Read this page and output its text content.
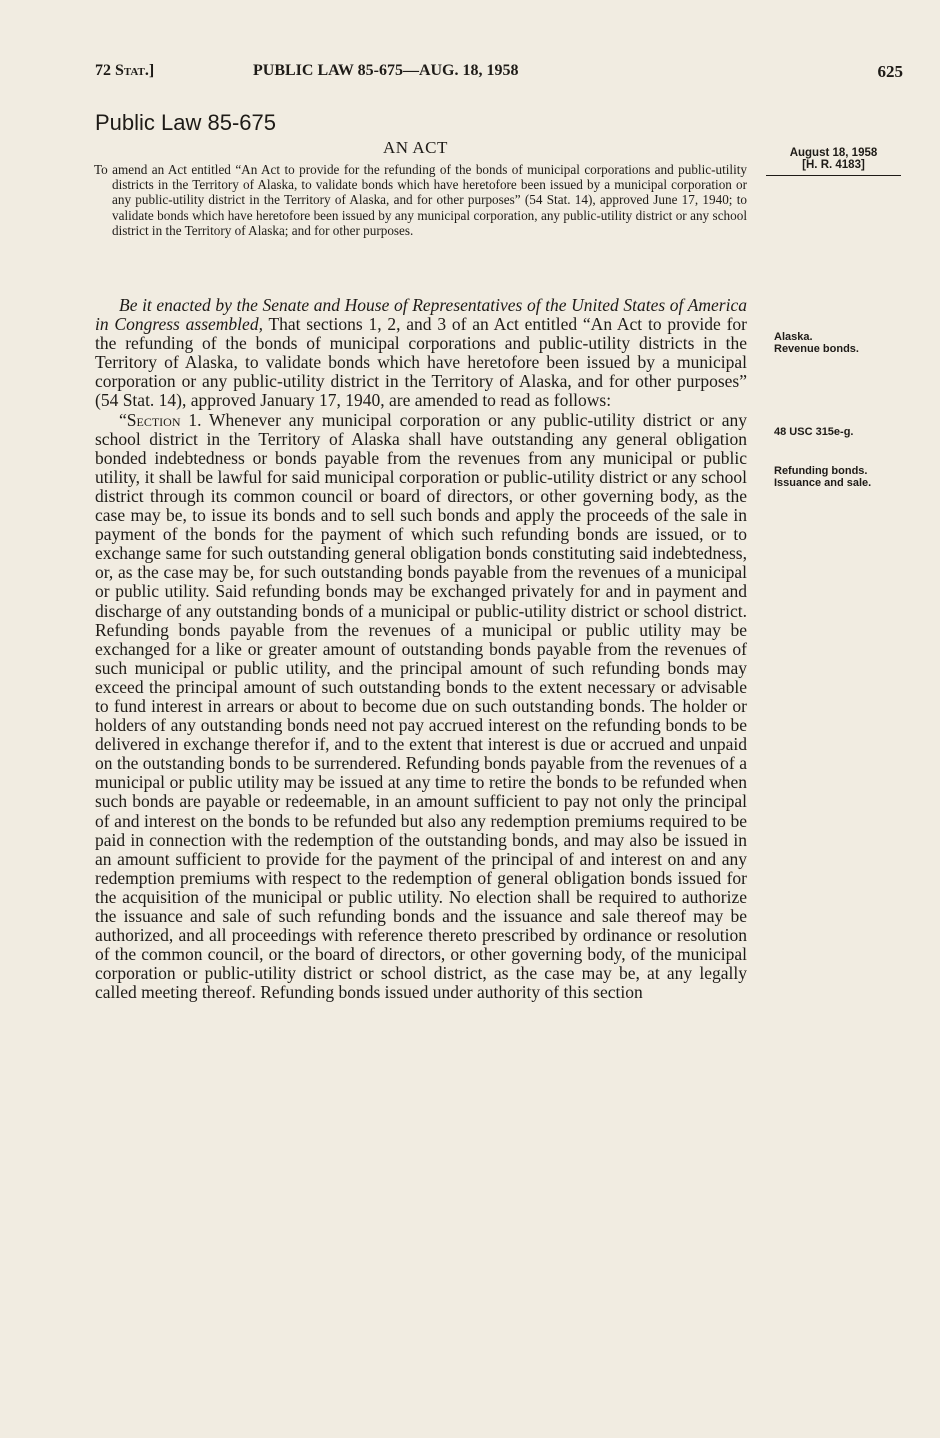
72 Stat.]	PUBLIC LAW 85-675—AUG. 18, 1958	625
Public Law 85-675
AN ACT

To amend an Act entitled “An Act to provide for the refunding of the bonds of municipal corporations and public-utility districts in the Territory of Alaska, to validate bonds which have heretofore been issued by a municipal corporation or any public-utility district in the Territory of Alaska, and for other purposes” (54 Stat. 14), approved June 17, 1940; to validate bonds which have heretofore been issued by any municipal corporation, any public-utility district or any school district in the Territory of Alaska; and for other purposes.

August 18, 1958
[H. R. 4183]
Alaska.
Revenue bonds.
48 USC 315e-g.
Refunding bonds.
Issuance and sale.

Be it enacted by the Senate and House of Representatives of the United States of America in Congress assembled, That sections 1, 2, and 3 of an Act entitled “An Act to provide for the refunding of the bonds of municipal corporations and public-utility districts in the Territory of Alaska, to validate bonds which have heretofore been issued by a municipal corporation or any public-utility district in the Territory of Alaska, and for other purposes” (54 Stat. 14), approved January 17, 1940, are amended to read as follows:

“Section 1. Whenever any municipal corporation or any public-utility district or any school district in the Territory of Alaska shall have outstanding any general obligation bonded indebtedness or bonds payable from the revenues from any municipal or public utility, it shall be lawful for said municipal corporation or public-utility district or any school district through its common council or board of directors, or other governing body, as the case may be, to issue its bonds and to sell such bonds and apply the proceeds of the sale in payment of the bonds for the payment of which such refunding bonds are issued, or to exchange same for such outstanding general obligation bonds constituting said indebtedness, or, as the case may be, for such outstanding bonds payable from the revenues of a municipal or public utility. Said refunding bonds may be exchanged privately for and in payment and discharge of any outstanding bonds of a municipal or public-utility district or school district. Refunding bonds payable from the revenues of a municipal or public utility may be exchanged for a like or greater amount of outstanding bonds payable from the revenues of such municipal or public utility, and the principal amount of such refunding bonds may exceed the principal amount of such outstanding bonds to the extent necessary or advisable to fund interest in arrears or about to become due on such outstanding bonds. The holder or holders of any outstanding bonds need not pay accrued interest on the refunding bonds to be delivered in exchange therefor if, and to the extent that interest is due or accrued and unpaid on the outstanding bonds to be surrendered. Refunding bonds payable from the revenues of a municipal or public utility may be issued at any time to retire the bonds to be refunded when such bonds are payable or redeemable, in an amount sufficient to pay not only the principal of and interest on the bonds to be refunded but also any redemption premiums required to be paid in connection with the redemption of the outstanding bonds, and may also be issued in an amount sufficient to provide for the payment of the principal of and interest on and any redemption premiums with respect to the redemption of general obligation bonds issued for the acquisition of the municipal or public utility. No election shall be required to authorize the issuance and sale of such refunding bonds and the issuance and sale thereof may be authorized, and all proceedings with reference thereto prescribed by ordinance or resolution of the common council, or the board of directors, or other governing body, of the municipal corporation or public-utility district or school district, as the case may be, at any legally called meeting thereof. Refunding bonds issued under authority of this section
